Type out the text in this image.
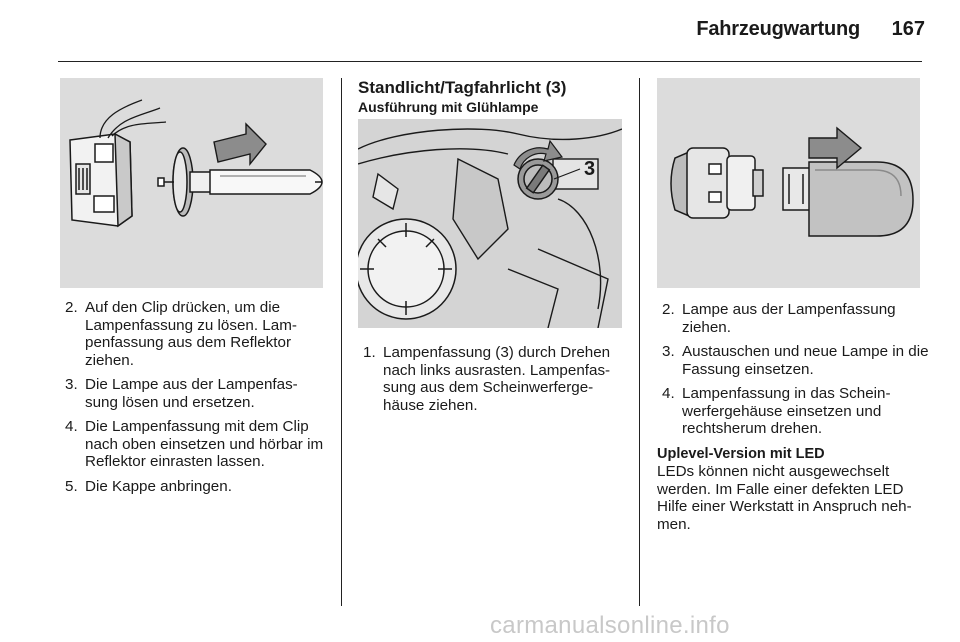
Fahrzeugwartung	167
2. Auf den Clip drücken, um die Lampenfassung zu lösen. Lam-penfassung aus dem Reflektor ziehen.
3. Die Lampe aus der Lampenfas-sung lösen und ersetzen.
4. Die Lampenfassung mit dem Clip nach oben einsetzen und hörbar im Reflektor einrasten lassen.
5. Die Kappe anbringen.
Standlicht/Tagfahrlicht (3)
Ausführung mit Glühlampe
3
1. Lampenfassung (3) durch Drehen nach links ausrasten. Lampenfas-sung aus dem Scheinwerferge-häuse ziehen.
2. Lampe aus der Lampenfassung ziehen.
3. Austauschen und neue Lampe in die Fassung einsetzen.
4. Lampenfassung in das Schein-werfergehäuse einsetzen und rechtsherum drehen.
Uplevel-Version mit LED
LEDs können nicht ausgewechselt werden. Im Falle einer defekten LED Hilfe einer Werkstatt in Anspruch neh-men.
carmanualsonline.info
